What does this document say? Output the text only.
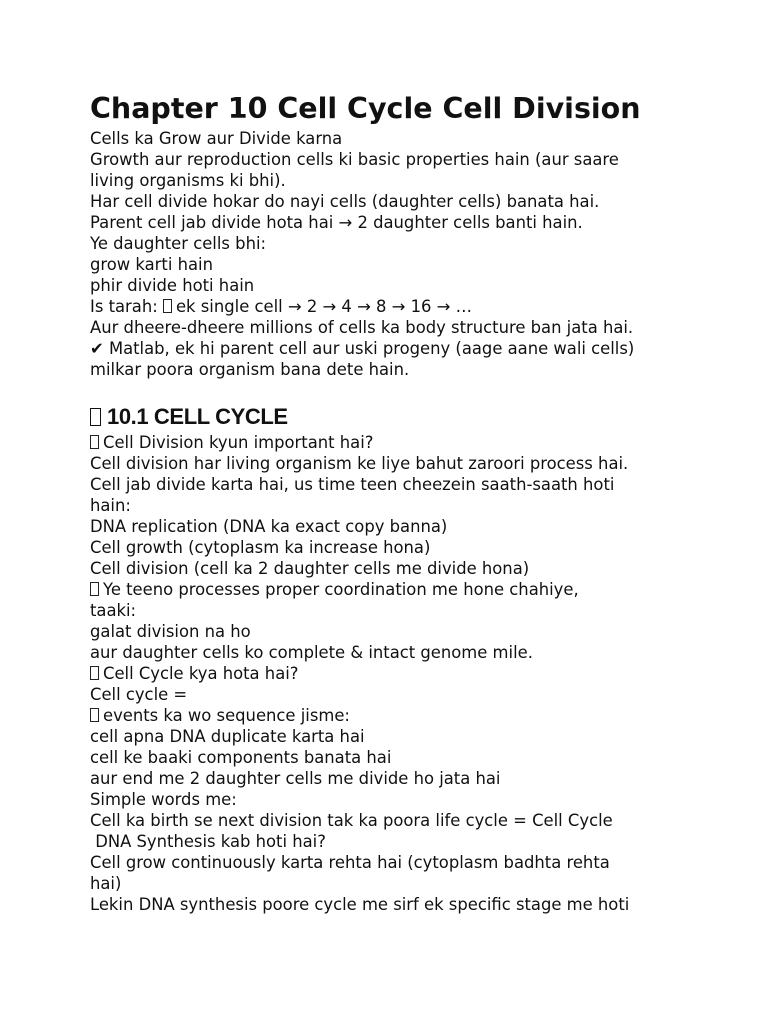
Chapter 10 Cell Cycle Cell Division

Cells ka Grow aur Divide karna

Growth aur reproduction cells ki basic properties hain (aur saare

living organisms ki bhi).

Har cell divide hokar do nayi cells (daughter cells) banata hai.

Parent cell jab divide hota hai → 2 daughter cells banti hain.

Ye daughter cells bhi:

grow karti hain

phir divide hoti hain

Is tarah: ek single cell → 2 → 4 → 8 → 16 → …

Aur dheere-dheere millions of cells ka body structure ban jata hai.

✔ Matlab, ek hi parent cell aur uski progeny (aage aane wali cells)

milkar poora organism bana dete hain.

10.1 CELL CYCLE

Cell Division kyun important hai?

Cell division har living organism ke liye bahut zaroori process hai.

Cell jab divide karta hai, us time teen cheezein saath-saath hoti

hain:

DNA replication (DNA ka exact copy banna)

Cell growth (cytoplasm ka increase hona)

Cell division (cell ka 2 daughter cells me divide hona)

Ye teeno processes proper coordination me hone chahiye,

taaki:

galat division na ho

aur daughter cells ko complete & intact genome mile.

Cell Cycle kya hota hai?

Cell cycle =

events ka wo sequence jisme:

cell apna DNA duplicate karta hai

cell ke baaki components banata hai

aur end me 2 daughter cells me divide ho jata hai

Simple words me:

Cell ka birth se next division tak ka poora life cycle = Cell Cycle

DNA Synthesis kab hoti hai?

Cell grow continuously karta rehta hai (cytoplasm badhta rehta

hai)

Lekin DNA synthesis poore cycle me sirf ek specific stage me hoti
